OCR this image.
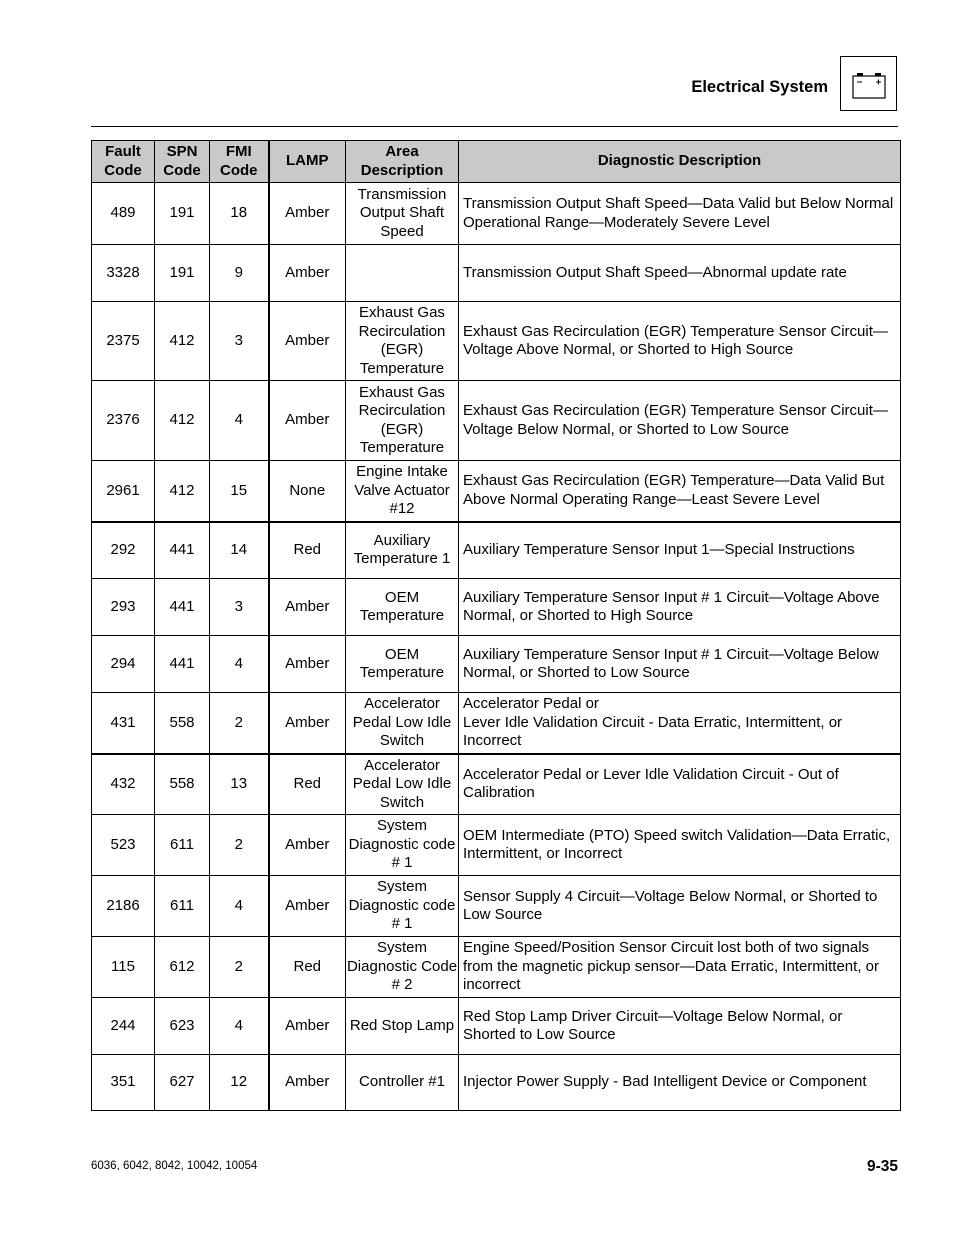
Electrical System
Fault Code	SPN Code	FMI Code	LAMP	Area Description	Diagnostic Description
489	191	18	Amber	Transmission Output Shaft Speed	Transmission Output Shaft Speed—Data Valid but Below Normal Operational Range—Moderately Severe Level
3328	191	9	Amber		Transmission Output Shaft Speed—Abnormal update rate
2375	412	3	Amber	Exhaust Gas Recirculation (EGR) Temperature	Exhaust Gas Recirculation (EGR) Temperature Sensor Circuit— Voltage Above Normal, or Shorted to High Source
2376	412	4	Amber	Exhaust Gas Recirculation (EGR) Temperature	Exhaust Gas Recirculation (EGR) Temperature Sensor Circuit— Voltage Below Normal, or Shorted to Low Source
2961	412	15	None	Engine Intake Valve Actuator #12	Exhaust Gas Recirculation (EGR) Temperature—Data Valid But Above Normal Operating Range—Least Severe Level
292	441	14	Red	Auxiliary Temperature 1	Auxiliary Temperature Sensor Input 1—Special Instructions
293	441	3	Amber	OEM Temperature	Auxiliary Temperature Sensor Input # 1 Circuit—Voltage Above Normal, or Shorted to High Source
294	441	4	Amber	OEM Temperature	Auxiliary Temperature Sensor Input # 1 Circuit—Voltage Below Normal, or Shorted to Low Source
431	558	2	Amber	Accelerator Pedal Low Idle Switch	Accelerator Pedal or
Lever Idle Validation Circuit - Data Erratic, Intermittent, or Incorrect
432	558	13	Red	Accelerator Pedal Low Idle Switch	Accelerator Pedal or Lever Idle Validation Circuit - Out of Calibration
523	611	2	Amber	System Diagnostic code # 1	OEM Intermediate (PTO) Speed switch Validation—Data Erratic, Intermittent, or Incorrect
2186	611	4	Amber	System Diagnostic code # 1	Sensor Supply 4 Circuit—Voltage Below Normal, or Shorted to Low Source
115	612	2	Red	System Diagnostic Code # 2	Engine Speed/Position Sensor Circuit lost both of two signals from the magnetic pickup sensor—Data Erratic, Intermittent, or incorrect
244	623	4	Amber	Red Stop Lamp	Red Stop Lamp Driver Circuit—Voltage Below Normal, or Shorted to Low Source
351	627	12	Amber	Controller #1	Injector Power Supply - Bad Intelligent Device or Component
6036, 6042, 8042, 10042, 10054	9-35
